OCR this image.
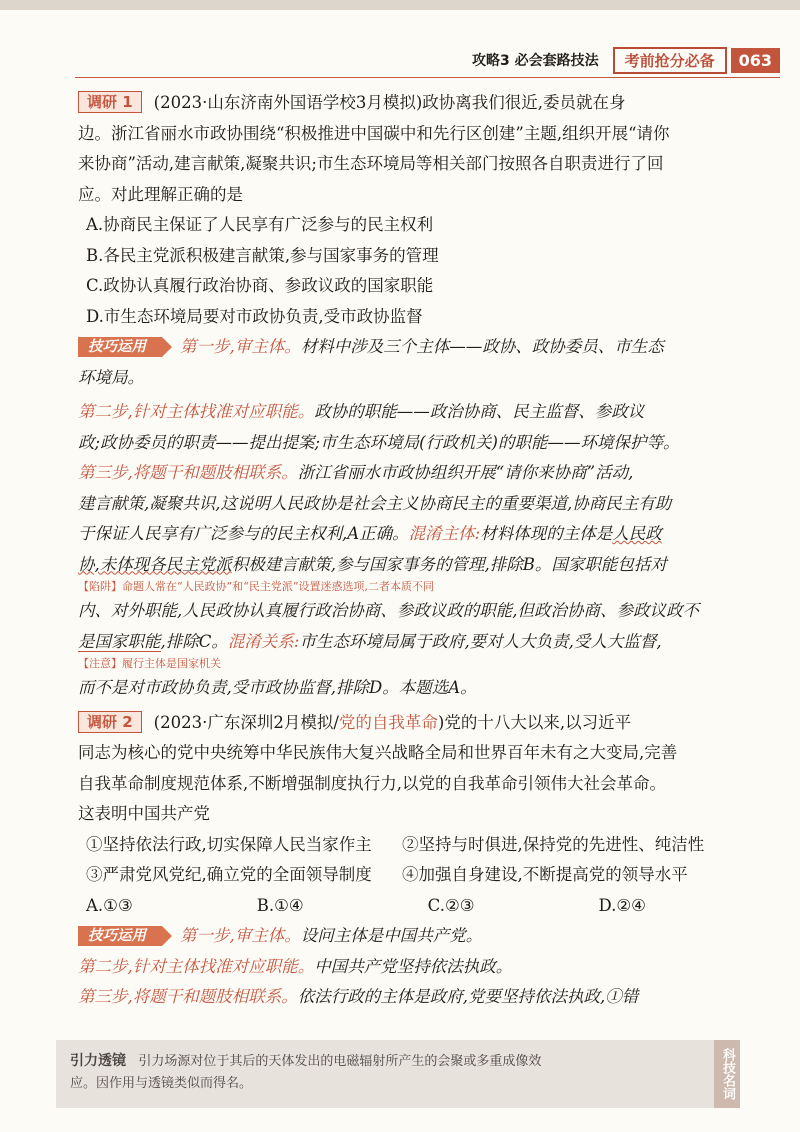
攻略3 必会套路技法	考前抢分必备	063
调研 1 (2023·山东济南外国语学校3月模拟)政协离我们很近,委员就在身
边。浙江省丽水市政协围绕“积极推进中国碳中和先行区创建”主题,组织开展“请你
来协商”活动,建言献策,凝聚共识;市生态环境局等相关部门按照各自职责进行了回
应。对此理解正确的是
A.协商民主保证了人民享有广泛参与的民主权利
B.各民主党派积极建言献策,参与国家事务的管理
C.政协认真履行政治协商、参政议政的国家职能
D.市生态环境局要对市政协负责,受市政协监督
技巧运用 第一步,审主体。材料中涉及三个主体——政协、政协委员、市生态
环境局。
第二步,针对主体找准对应职能。政协的职能——政治协商、民主监督、参政议
政;政协委员的职责——提出提案;市生态环境局(行政机关)的职能——环境保护等。
第三步,将题干和题肢相联系。浙江省丽水市政协组织开展“请你来协商”活动,
建言献策,凝聚共识,这说明人民政协是社会主义协商民主的重要渠道,协商民主有助
于保证人民享有广泛参与的民主权利,A正确。混淆主体:材料体现的主体是人民政
协,未体现各民主党派积极建言献策,参与国家事务的管理,排除B。国家职能包括对
【陷阱】命题人常在“人民政协”和“民主党派”设置迷惑选项,二者本质不同
内、对外职能,人民政协认真履行政治协商、参政议政的职能,但政治协商、参政议政不
是国家职能,排除C。混淆关系:市生态环境局属于政府,要对人大负责,受人大监督,
【注意】履行主体是国家机关
而不是对市政协负责,受市政协监督,排除D。本题选A。
调研 2 (2023·广东深圳2月模拟/党的自我革命)党的十八大以来,以习近平
同志为核心的党中央统筹中华民族伟大复兴战略全局和世界百年未有之大变局,完善
自我革命制度规范体系,不断增强制度执行力,以党的自我革命引领伟大社会革命。
这表明中国共产党
①坚持依法行政,切实保障人民当家作主	②坚持与时俱进,保持党的先进性、纯洁性
③严肃党风党纪,确立党的全面领导制度	④加强自身建设,不断提高党的领导水平
A.①③	B.①④	C.②③	D.②④
技巧运用 第一步,审主体。设问主体是中国共产党。
第二步,针对主体找准对应职能。中国共产党坚持依法执政。
第三步,将题干和题肢相联系。依法行政的主体是政府,党要坚持依法执政,①错
引力透镜 引力场源对位于其后的天体发出的电磁辐射所产生的会聚或多重成像效
应。因作用与透镜类似而得名。	科技名词
